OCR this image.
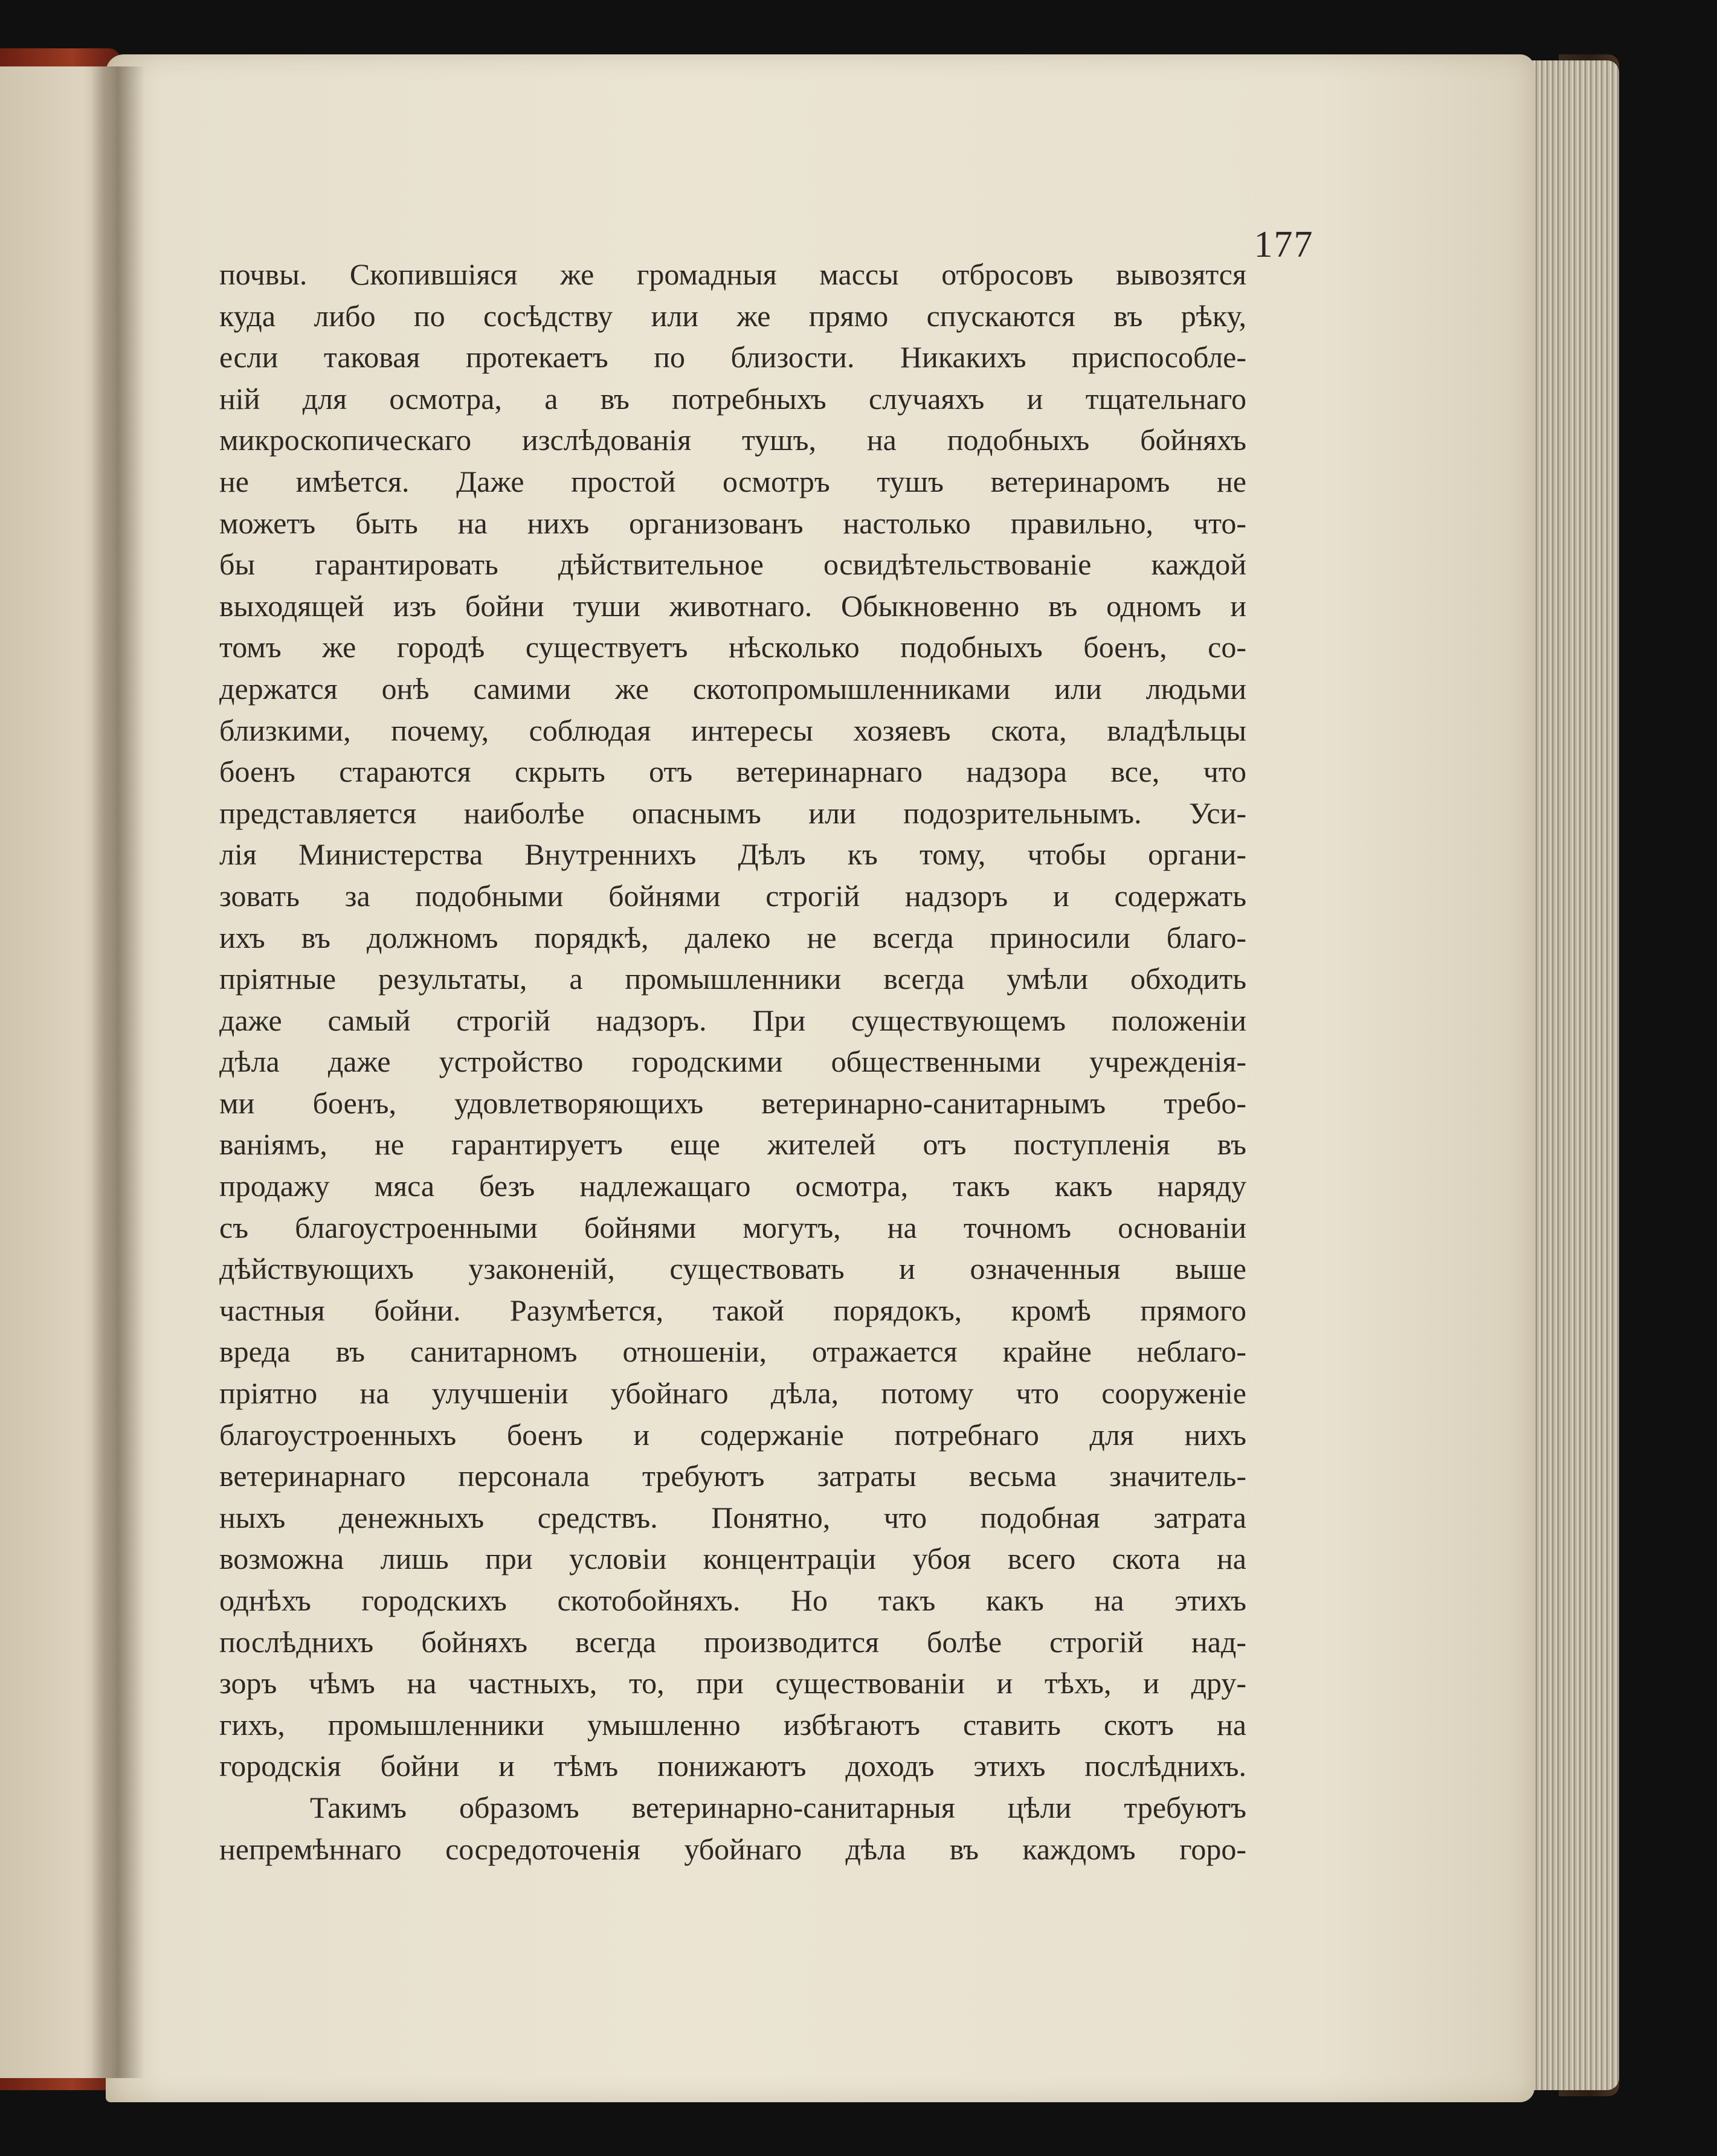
177
почвы. Скопившіяся же громадныя массы отбросовъ вывозятся
куда либо по сосѣдству или же прямо спускаются въ рѣку,
если таковая протекаетъ по близости. Никакихъ приспособле-
ній для осмотра, а въ потребныхъ случаяхъ и тщательнаго
микроскопическаго изслѣдованія тушъ, на подобныхъ бойняхъ
не имѣется. Даже простой осмотръ тушъ ветеринаромъ не
можетъ быть на нихъ организованъ настолько правильно, что-
бы гарантировать дѣйствительное освидѣтельствованіе каждой
выходящей изъ бойни туши животнаго. Обыкновенно въ одномъ и
томъ же городѣ существуетъ нѣсколько подобныхъ боенъ, со-
держатся онѣ самими же скотопромышленниками или людьми
близкими, почему, соблюдая интересы хозяевъ скота, владѣльцы
боенъ стараются скрыть отъ ветеринарнаго надзора все, что
представляется наиболѣе опаснымъ или подозрительнымъ. Уси-
лія Министерства Внутреннихъ Дѣлъ къ тому, чтобы органи-
зовать за подобными бойнями строгій надзоръ и содержать
ихъ въ должномъ порядкѣ, далеко не всегда приносили благо-
пріятные результаты, а промышленники всегда умѣли обходить
даже самый строгій надзоръ. При существующемъ положеніи
дѣла даже устройство городскими общественными учрежденія-
ми боенъ, удовлетворяющихъ ветеринарно-санитарнымъ требо-
ваніямъ, не гарантируетъ еще жителей отъ поступленія въ
продажу мяса безъ надлежащаго осмотра, такъ какъ наряду
съ благоустроенными бойнями могутъ, на точномъ основаніи
дѣйствующихъ узаконеній, существовать и означенныя выше
частныя бойни. Разумѣется, такой порядокъ, кромѣ прямого
вреда въ санитарномъ отношеніи, отражается крайне неблаго-
пріятно на улучшеніи убойнаго дѣла, потому что сооруженіе
благоустроенныхъ боенъ и содержаніе потребнаго для нихъ
ветеринарнаго персонала требуютъ затраты весьма значитель-
ныхъ денежныхъ средствъ. Понятно, что подобная затрата
возможна лишь при условіи концентраціи убоя всего скота на
однѣхъ городскихъ скотобойняхъ. Но такъ какъ на этихъ
послѣднихъ бойняхъ всегда производится болѣе строгій над-
зоръ чѣмъ на частныхъ, то, при существованіи и тѣхъ, и дру-
гихъ, промышленники умышленно избѣгаютъ ставить скотъ на
городскія бойни и тѣмъ понижаютъ доходъ этихъ послѣднихъ.
Такимъ образомъ ветеринарно-санитарныя цѣли требуютъ
непремѣннаго сосредоточенія убойнаго дѣла въ каждомъ горо-
